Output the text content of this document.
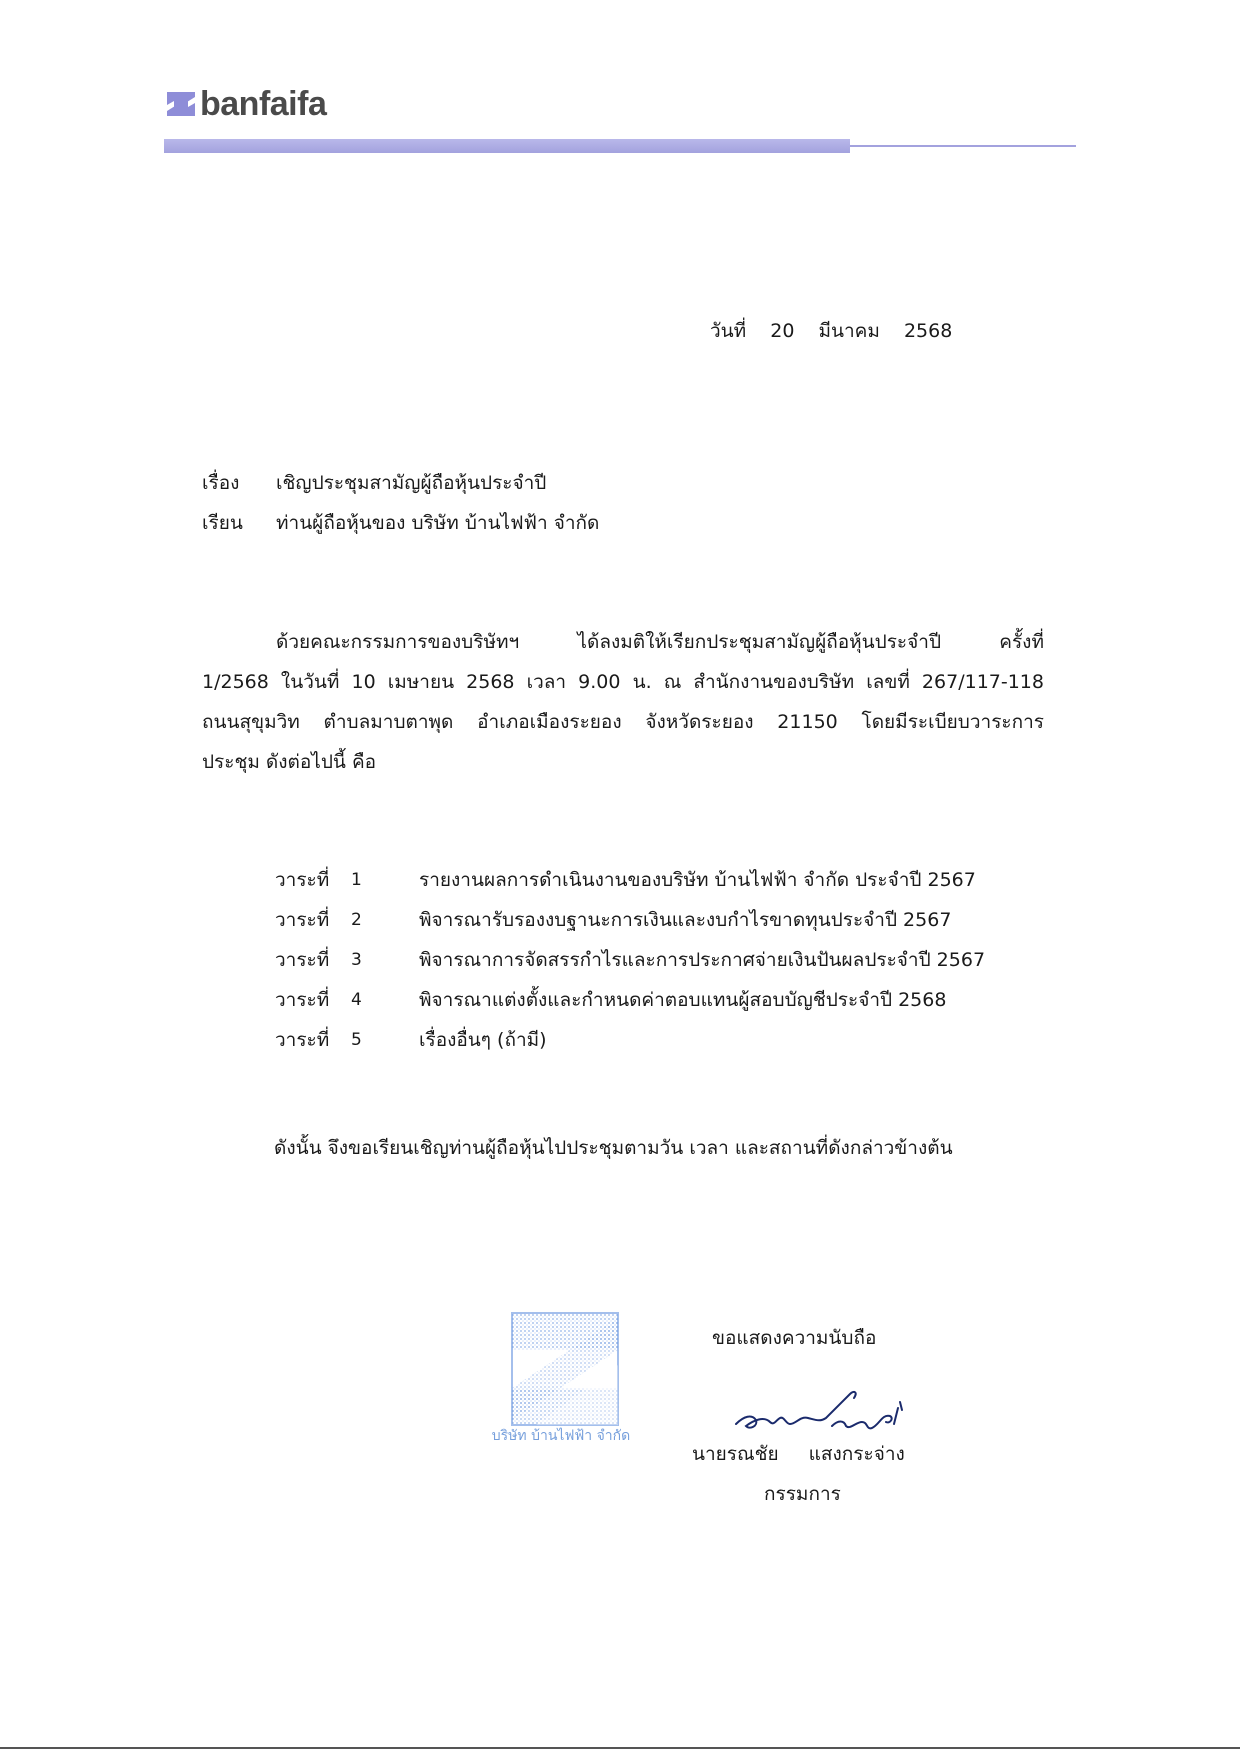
banfaifa
วันที่ 20 มีนาคม 2568
เรื่อง	เชิญประชุมสามัญผู้ถือหุ้นประจำปี
เรียน	ท่านผู้ถือหุ้นของ บริษัท บ้านไฟฟ้า จำกัด
ด้วยคณะกรรมการของบริษัทฯ ได้ลงมติให้เรียกประชุมสามัญผู้ถือหุ้นประจำปี ครั้งที่
1/2568 ในวันที่ 10 เมษายน 2568 เวลา 9.00 น. ณ สำนักงานของบริษัท เลขที่ 267/117-118
ถนนสุขุมวิท ตำบลมาบตาพุด อำเภอเมืองระยอง จังหวัดระยอง 21150 โดยมีระเบียบวาระการ
ประชุม ดังต่อไปนี้ คือ
วาระที่	1	รายงานผลการดำเนินงานของบริษัท บ้านไฟฟ้า จำกัด ประจำปี 2567
วาระที่	2	พิจารณารับรองงบฐานะการเงินและงบกำไรขาดทุนประจำปี 2567
วาระที่	3	พิจารณาการจัดสรรกำไรและการประกาศจ่ายเงินปันผลประจำปี 2567
วาระที่	4	พิจารณาแต่งตั้งและกำหนดค่าตอบแทนผู้สอบบัญชีประจำปี 2568
วาระที่	5	เรื่องอื่นๆ (ถ้ามี)
ดังนั้น จึงขอเรียนเชิญท่านผู้ถือหุ้นไปประชุมตามวัน เวลา และสถานที่ดังกล่าวข้างต้น
บริษัท บ้านไฟฟ้า จำกัด
ขอแสดงความนับถือ
นายรณชัย แสงกระจ่าง
กรรมการ
